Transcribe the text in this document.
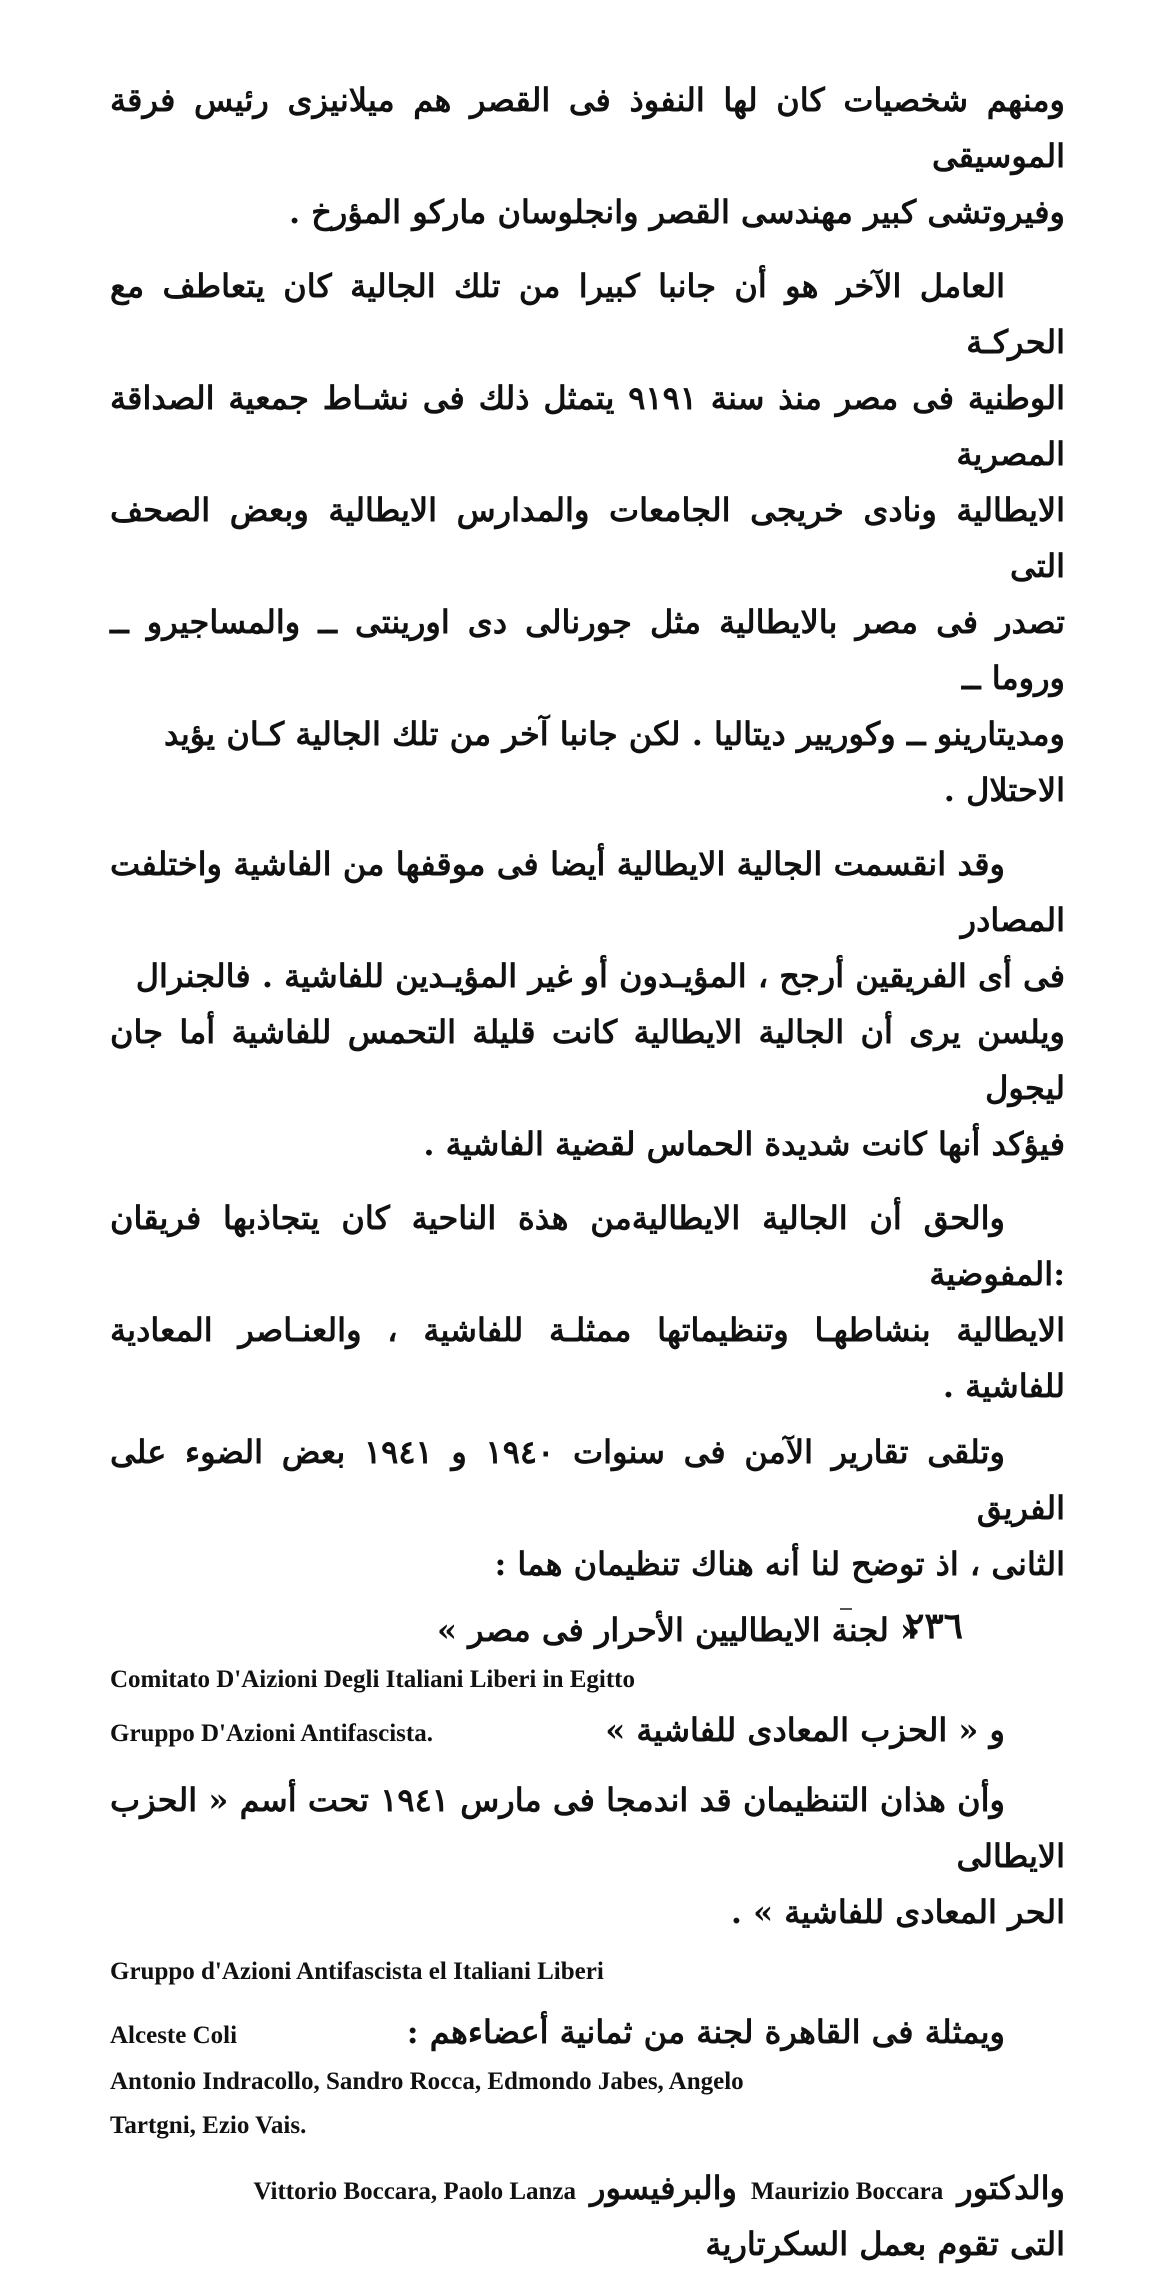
ومنهم شخصيات كان لها النفوذ فى القصر هم ميلانيزى رئيس فرقة الموسيقى

وفيروتشى كبير مهندسى القصر وانجلوسان ماركو المؤرخ .

العامل الآخر هو أن جانبا كبيرا من تلك الجالية كان يتعاطف مع الحركـة

الوطنية فى مصر منذ سنة ٩١٩١ يتمثل ذلك فى نشـاط جمعية الصداقة المصرية

الايطالية ونادى خريجى الجامعات والمدارس الايطالية وبعض الصحف التى

تصدر فى مصر بالايطالية مثل جورنالى دى اورينتى ــ والمساجيرو ــ وروما ــ

ومديتارينو ــ وكوريير ديتاليا . لكن جانبا آخر من تلك الجالية كـان يؤيد

الاحتلال .

وقد انقسمت الجالية الايطالية أيضا فى موقفها من الفاشية واختلفت المصادر

فى أى الفريقين أرجح ، المؤيـدون أو غير المؤيـدين للفاشية . فالجنرال

ويلسن يرى أن الجالية الايطالية كانت قليلة التحمس للفاشية أما جان ليجول

فيؤكد أنها كانت شديدة الحماس لقضية الفاشية .

والحق أن الجالية الايطاليةمن هذة الناحية كان يتجاذبها فريقان :المفوضية

الايطالية بنشاطهـا وتنظيماتها ممثلـة للفاشية ، والعنـاصر المعادية للفاشية .

وتلقى تقارير الآمن فى سنوات ١٩٤٠ و ١٩٤١ بعض الضوء على الفريق

الثانى ، اذ توضح لنا أنه هناك تنظيمان هما :

« لجنة الايطاليين الأحرار فى مصر »

Comitato D'Aizioni Degli Italiani Liberi in Egitto

Gruppo D'Azioni Antifascista.	و « الحزب المعادى للفاشية »

وأن هذان التنظيمان قد اندمجا فى مارس ١٩٤١ تحت أسم « الحزب الايطالى

الحر المعادى للفاشية » .

Gruppo d'Azioni Antifascista el Italiani Liberi

Alceste Coli	ويمثلة فى القاهرة لجنة من ثمانية أعضاءهم :

Antonio Indracollo, Sandro Rocca, Edmondo Jabes, Angelo

Tartgni, Ezio Vais.

والدكتور
Maurizio Boccara
والبرفيسور
Vittorio Boccara, Paolo Lanza

التى تقوم بعمل السكرتارية

٢٣٦
